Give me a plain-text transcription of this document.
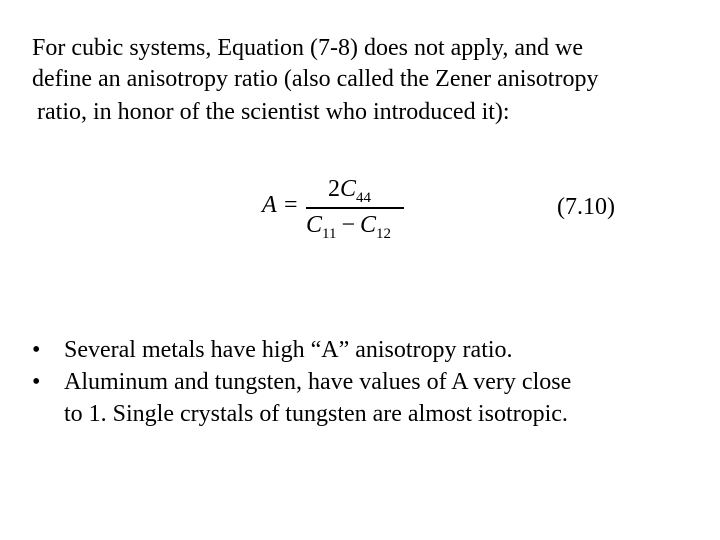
For cubic systems, Equation (7-8) does not apply, and we
define an anisotropy ratio (also called the Zener anisotropy
ratio, in honor of the scientist who introduced it):
A =
$2C_{44}$
$C_{11} - C_{12}$
(7.10)
• Several metals have high “A” anisotropy ratio.
• Aluminum and tungsten, have values of A very close
to 1. Single crystals of tungsten are almost isotropic.
